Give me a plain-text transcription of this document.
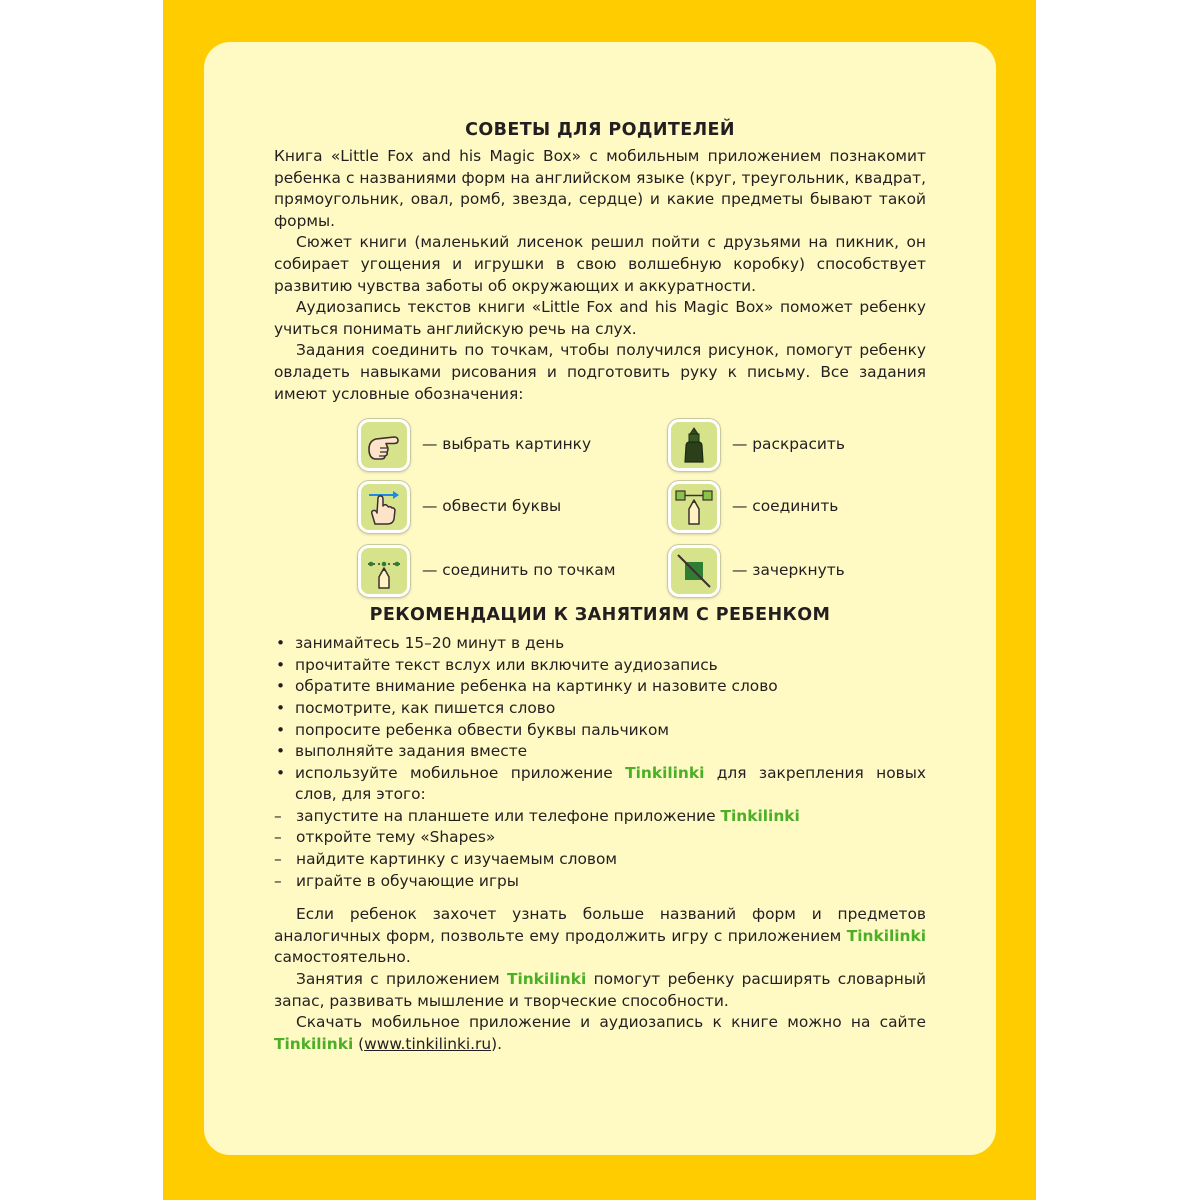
СОВЕТЫ ДЛЯ РОДИТЕЛЕЙ

Книга «Little Fox and his Magic Box» с мобильным приложением познакомит ребенка с названиями форм на английском языке (круг, треугольник, квадрат, прямоугольник, овал, ромб, звезда, сердце) и какие предметы бывают такой формы.

Сюжет книги (маленький лисенок решил пойти с друзьями на пикник, он собирает угощения и игрушки в свою волшебную коробку) способствует развитию чувства заботы об окружающих и аккуратности.

Аудиозапись текстов книги «Little Fox and his Magic Box» поможет ребенку учиться понимать английскую речь на слух.

Задания соединить по точкам, чтобы получился рисунок, помогут ребенку овладеть навыками рисования и подготовить руку к письму. Все задания имеют условные обозначения:

— выбрать картинку
— обвести буквы
— соединить по точкам
— раскрасить
— соединить
— зачеркнуть
РЕКОМЕНДАЦИИ К ЗАНЯТИЯМ С РЕБЕНКОМ
• занимайтесь 15–20 минут в день
• прочитайте текст вслух или включите аудиозапись
• обратите внимание ребенка на картинку и назовите слово
• посмотрите, как пишется слово
• попросите ребенка обвести буквы пальчиком
• выполняйте задания вместе
• используйте мобильное приложение Tinkilinki для закрепления новых слов, для этого:
– запустите на планшете или телефоне приложение Tinkilinki
– откройте тему «Shapes»
– найдите картинку с изучаемым словом
– играйте в обучающие игры

Если ребенок захочет узнать больше названий форм и предметов аналогичных форм, позвольте ему продолжить игру с приложением Tinkilinki самостоятельно.

Занятия с приложением Tinkilinki помогут ребенку расширять словарный запас, развивать мышление и творческие способности.

Скачать мобильное приложение и аудиозапись к книге можно на сайте Tinkilinki (www.tinkilinki.ru).
